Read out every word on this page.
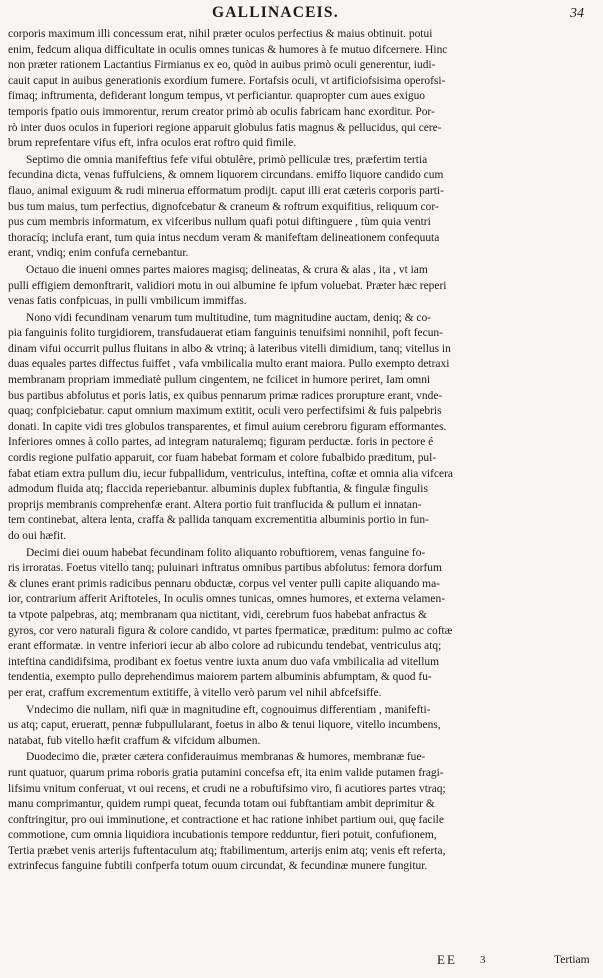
GALLINACEIS.	34
corporis maximum illi concessum erat, nihil præter oculos perfectius & maius obtinuit. potui
enim, fedcum aliqua difficultate in oculis omnes tunicas & humores à fe mutuo difcernere. Hinc
non præter rationem Lactantius Firmianus ex eo, quòd in auibus primò oculi generentur, iudi-
cauit caput in auibus generationis exordium fumere. Fortafsis oculi, vt artificiofsisima operofsi-
fimaq; inftrumenta, defiderant longum tempus, vt perficiantur. quapropter cum aues exiguo
temporis fpatio ouis immorentur, rerum creator primò ab oculis fabricam hanc exorditur. Por-
rò inter duos oculos in fuperiori regione apparuit globulus fatis magnus & pellucidus, qui cere-
brum reprefentare vifus eft, infra oculos erat roftro quid fimile.
Septimo die omnia manifeftius fefe vifui obtulêre, primò pelliculæ tres, præfertim tertia
fecundina dicta, venas fuffulciens, & omnem liquorem circundans. emiffo liquore candido cum
flauo, animal exiguum & rudi minerua efformatum prodijt. caput illi erat cæteris corporis parti-
bus tum maius, tum perfectius, dignofcebatur & craneum & roftrum exquifitius, reliquum cor-
pus cum membris informatum, ex vifceribus nullum quafi potui diftinguere , tùm quia ventri
thoracíq; inclufa erant, tum quia intus necdum veram & manifeftam delineationem confequuta
erant, vndiq; enim confufa cernebantur.
Octauo die inueni omnes partes maiores magisq; delineatas, & crura & alas , ita , vt iam
pulli effigiem demonftrarit, validiori motu in oui albumine fe ipfum voluebat. Præter hæc reperi
venas fatis confpicuas, in pulli vmbilicum immiffas.
Nono vidi fecundinam venarum tum multitudine, tum magnitudine auctam, deniq; & co-
pia fanguinis folito turgidiorem, transfudauerat etiam fanguinis tenuifsimi nonnihil, poft fecun-
dinam vifui occurrit pullus fluitans in albo & vtrinq; à lateribus vitelli dimidium, tanq; vitellus in
duas equales partes diffectus fuiffet , vafa vmbilicalia multo erant maiora. Pullo exempto detraxi
membranam propriam immediatè pullum cingentem, ne fcilicet in humore periret, Iam omni
bus partibus abfolutus et poris latis, ex quibus pennarum primæ radices prorupture erant, vnde-
quaq; confpiciebatur. caput omnium maximum extitit, oculi vero perfectifsimi & fuis palpebris
donati. In capite vidi tres globulos transparentes, et fimul auium cerebroru figuram efformantes.
Inferiores omnes à collo partes, ad integram naturalemq; figuram perductæ. foris in pectore é
cordis regione pulfatio apparuit, cor fuam habebat formam et colore fubalbido præditum, pul-
fabat etiam extra pullum diu, iecur fubpallidum, ventriculus, inteftina, coftæ et omnia alia vifcera
admodum fluida atq; flaccida reperiebantur. albuminis duplex fubftantia, & fingulæ fingulis
proprijs membranis comprehenfæ erant. Altera portio fuit tranflucida & pullum ei innatan-
tem continebat, altera lenta, craffa & pallida tanquam excrementitia albuminis portio in fun-
do oui hæfit.
Decimi diei ouum habebat fecundinam folito aliquanto robuftiorem, venas fanguine fo-
ris irroratas. Foetus vitello tanq; puluinari inftratus omnibus partibus abfolutus: femora dorfum
& clunes erant primis radicibus pennaru obductæ, corpus vel venter pulli capite aliquando ma-
ior, contrarium afferit Ariftoteles, In oculis omnes tunicas, omnes humores, et externa velamen-
ta vtpote palpebras, atq; membranam qua nictitant, vidi, cerebrum fuos habebat anfractus &
gyros, cor vero naturali figura & colore candido, vt partes fpermaticæ, præditum: pulmo ac coftæ
erant efformatæ. in ventre inferiori iecur ab albo colore ad rubicundu tendebat, ventriculus atq;
inteftina candidifsima, prodibant ex foetus ventre iuxta anum duo vafa vmbilicalia ad vitellum
tendentia, exempto pullo deprehendimus maiorem partem albuminis abfumptam, & quod fu-
per erat, craffum excrementum extitiffe, à vitello verò parum vel nihil abfcefsiffe.
Vndecimo die nullam, nifi quæ in magnitudine eft, cognouimus differentiam , manifefti-
us atq; caput, erueratt, pennæ fubpullularant, foetus in albo & tenui liquore, vitello incumbens,
natabat, fub vitello hæfit craffum & vifcidum albumen.
Duodecimo die, præter cætera confiderauimus membranas & humores, membranæ fue-
runt quatuor, quarum prima roboris gratia putamini concefsa eft, ita enim valide putamen fragi-
lifsimu vnitum conferuat, vt oui recens, et crudi ne a robuftifsimo viro, fi acutiores partes vtraq;
manu comprimantur, quidem rumpi queat, fecunda totam oui fubftantiam ambit deprimitur &
conftringitur, pro oui imminutione, et contractione et hac ratione inhibet partium oui, quę facile
commotione, cum omnia liquidiora incubationis tempore redduntur, fieri potuit, confufionem,
Tertia præbet venis arterijs fuftentaculum atq; ftabilimentum, arterijs enim atq; venis eft referta,
extrinfecus fanguine fubtili confperfa totum ouum circundat, & fecundinæ munere fungitur.
EE 3	Tertiam
